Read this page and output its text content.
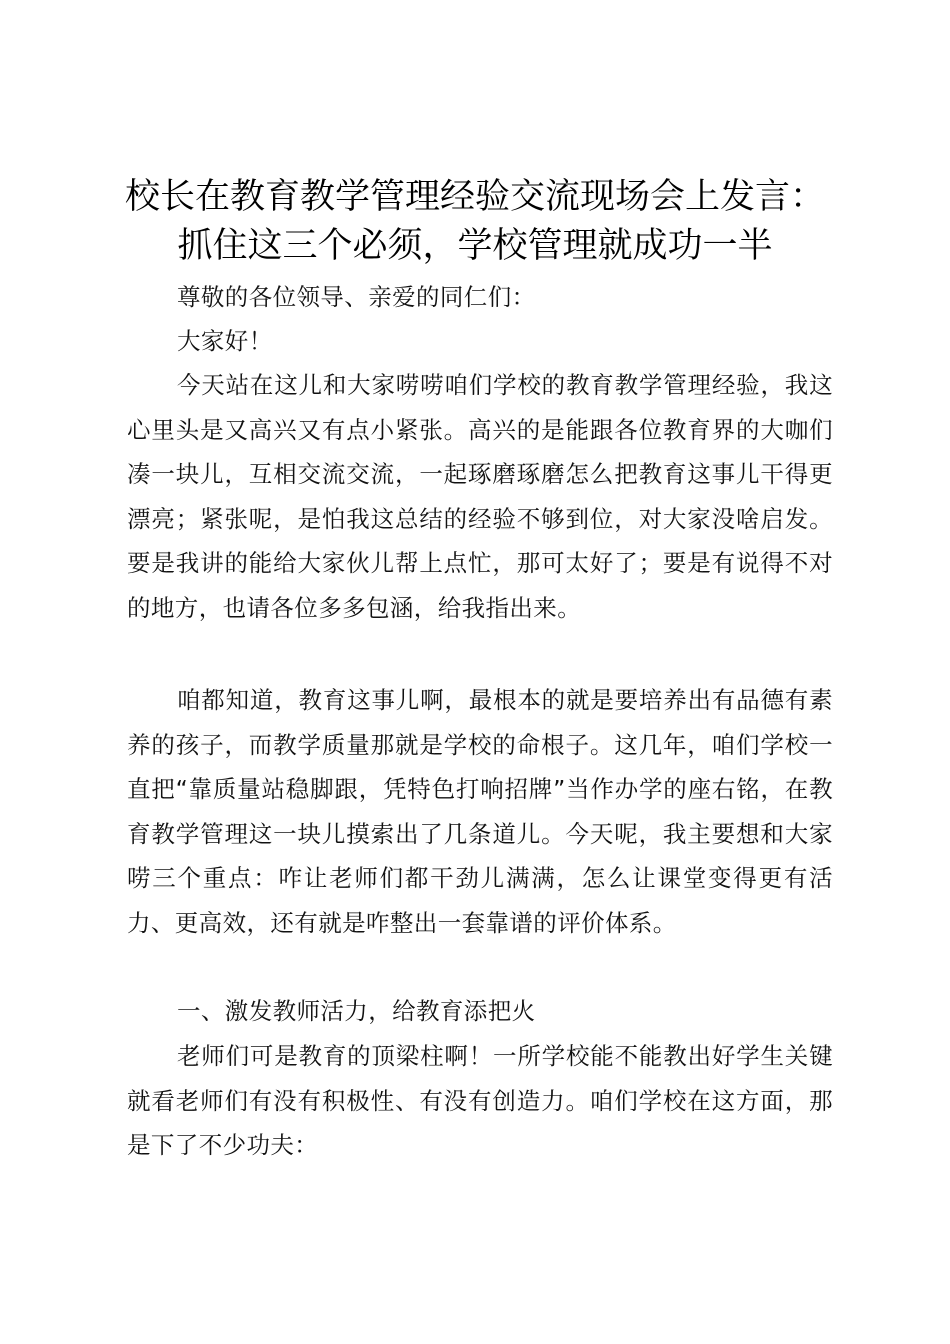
校长在教育教学管理经验交流现场会上发言：
抓住这三个必须，学校管理就成功一半

尊敬的各位领导、亲爱的同仁们：

大家好！

今天站在这儿和大家唠唠咱们学校的教育教学管理经验，我这心里头是又高兴又有点小紧张。高兴的是能跟各位教育界的大咖们凑一块儿，互相交流交流，一起琢磨琢磨怎么把教育这事儿干得更漂亮；紧张呢，是怕我这总结的经验不够到位，对大家没啥启发。要是我讲的能给大家伙儿帮上点忙，那可太好了；要是有说得不对的地方，也请各位多多包涵，给我指出来。

咱都知道，教育这事儿啊，最根本的就是要培养出有品德有素养的孩子，而教学质量那就是学校的命根子。这几年，咱们学校一直把“靠质量站稳脚跟，凭特色打响招牌”当作办学的座右铭，在教育教学管理这一块儿摸索出了几条道儿。今天呢，我主要想和大家唠三个重点：咋让老师们都干劲儿满满，怎么让课堂变得更有活力、更高效，还有就是咋整出一套靠谱的评价体系。

一、激发教师活力，给教育添把火

老师们可是教育的顶梁柱啊！一所学校能不能教出好学生关键就看老师们有没有积极性、有没有创造力。咱们学校在这方面，那是下了不少功夫：
